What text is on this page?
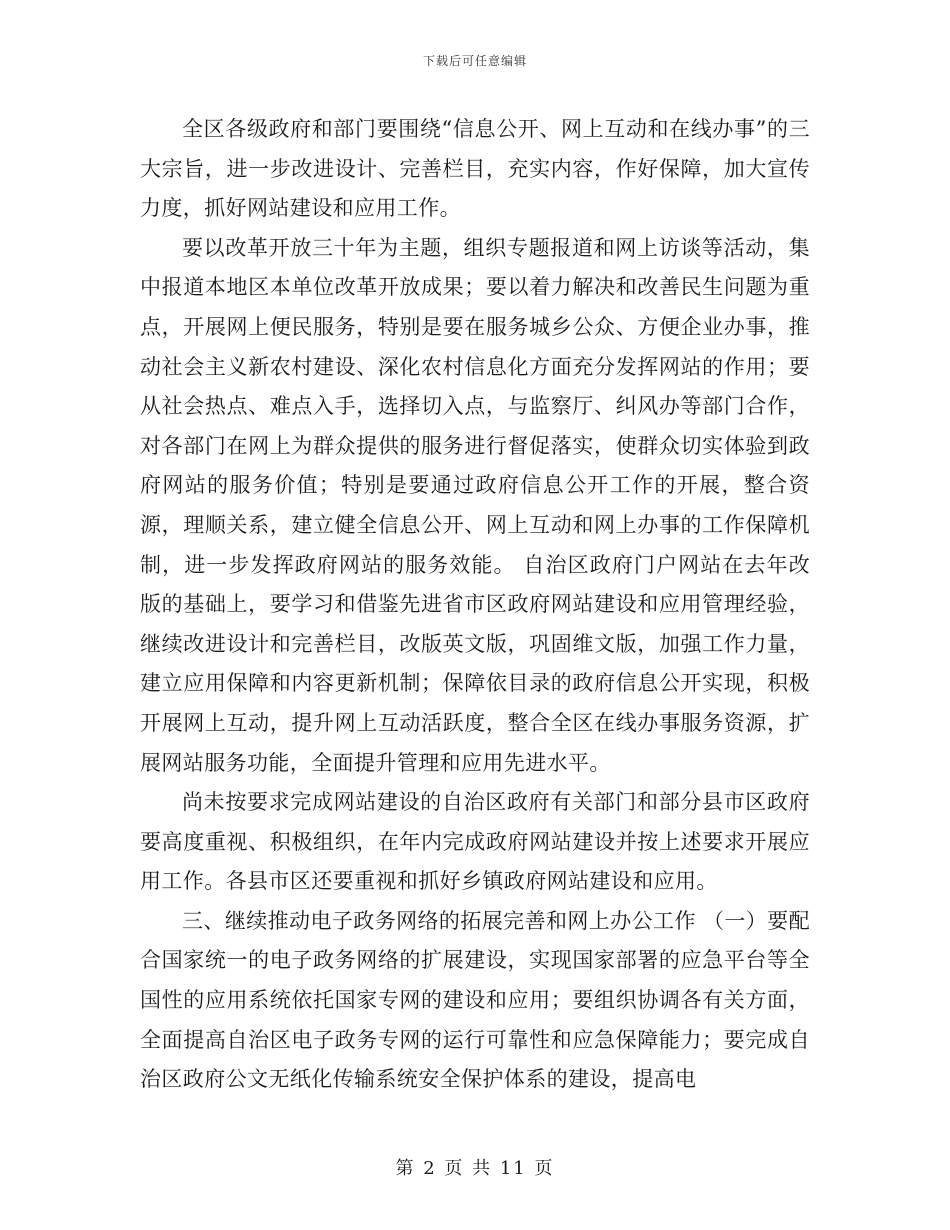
下载后可任意编辑

全区各级政府和部门要围绕“信息公开、网上互动和在线办事”的三大宗旨，进一步改进设计、完善栏目，充实内容，作好保障，加大宣传力度，抓好网站建设和应用工作。

要以改革开放三十年为主题，组织专题报道和网上访谈等活动，集中报道本地区本单位改革开放成果；要以着力解决和改善民生问题为重点，开展网上便民服务，特别是要在服务城乡公众、方便企业办事，推动社会主义新农村建设、深化农村信息化方面充分发挥网站的作用；要从社会热点、难点入手，选择切入点，与监察厅、纠风办等部门合作，对各部门在网上为群众提供的服务进行督促落实，使群众切实体验到政府网站的服务价值；特别是要通过政府信息公开工作的开展，整合资源，理顺关系，建立健全信息公开、网上互动和网上办事的工作保障机制，进一步发挥政府网站的服务效能。 自治区政府门户网站在去年改版的基础上，要学习和借鉴先进省市区政府网站建设和应用管理经验，继续改进设计和完善栏目，改版英文版，巩固维文版，加强工作力量，建立应用保障和内容更新机制；保障依目录的政府信息公开实现，积极开展网上互动，提升网上互动活跃度，整合全区在线办事服务资源，扩展网站服务功能，全面提升管理和应用先进水平。

尚未按要求完成网站建设的自治区政府有关部门和部分县市区政府要高度重视、积极组织，在年内完成政府网站建设并按上述要求开展应用工作。各县市区还要重视和抓好乡镇政府网站建设和应用。

三、继续推动电子政务网络的拓展完善和网上办公工作 （一）要配合国家统一的电子政务网络的扩展建设，实现国家部署的应急平台等全国性的应用系统依托国家专网的建设和应用；要组织协调各有关方面，全面提高自治区电子政务专网的运行可靠性和应急保障能力；要完成自治区政府公文无纸化传输系统安全保护体系的建设，提高电

第 2 页 共 11 页
